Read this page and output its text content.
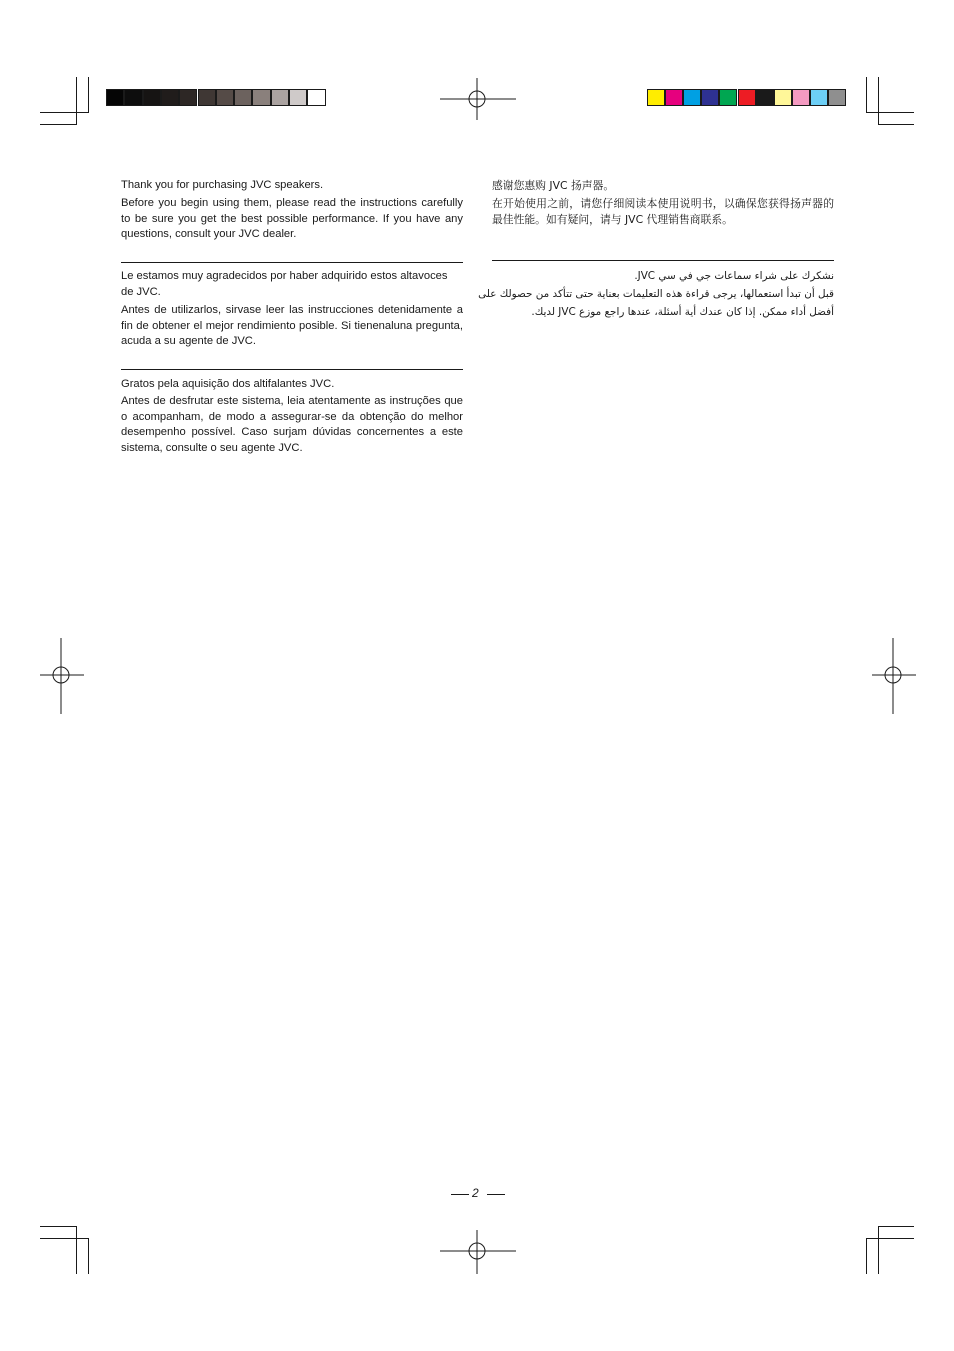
Thank you for purchasing JVC speakers.

Before you begin using them, please read the instructions carefully to be sure you get the best possible performance. If you have any questions, consult your JVC dealer.

Le estamos muy agradecidos por haber adquirido estos altavoces de JVC.

Antes de utilizarlos, sirvase leer las instrucciones detenidamente a fin de obtener el mejor rendimiento posible. Si tienenaluna pregunta, acuda a su agente de JVC.

Gratos pela aquisição dos altifalantes JVC.

Antes de desfrutar este sistema, leia atentamente as instruções que o acompanham, de modo a assegurar-se da obtenção do melhor desempenho possível. Caso surjam dúvidas concernentes a este sistema, consulte o seu agente JVC.

感谢您惠购 JVC 扬声器。

在开始使用之前，请您仔细阅读本使用说明书，以确保您获得扬声器的最佳性能。如有疑问，请与 JVC 代理销售商联系。

نشكرك على شراء سماعات جي في سي JVC.
قبل أن تبدأ استعمالها، يرجى قراءة هذه التعليمات بعناية حتى تتأكد من حصولك على
أفضل أداء ممكن. إذا كان عندك أية أسئلة، عندها راجع موزع JVC لديك.
2
